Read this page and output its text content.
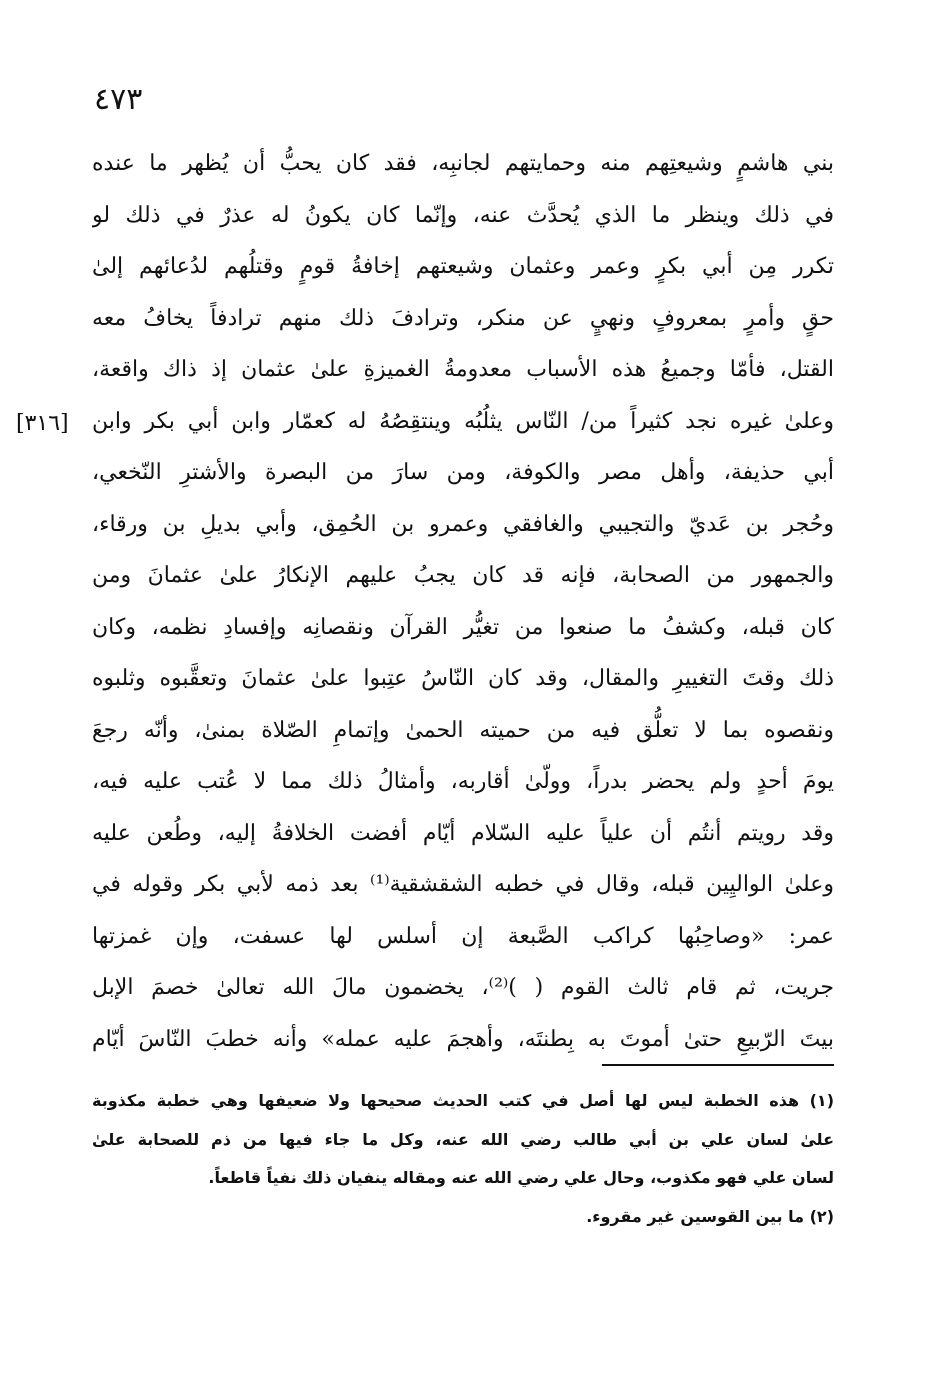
٤٧٣
[٣١٦]
بني هاشمٍ وشيعتِهم منه وحمايتهم لجانبِه، فقد كان يحبُّ أن يُظهر ما عنده
في ذلك وينظر ما الذي يُحدَّث عنه، وإنّما كان يكونُ له عذرٌ في ذلك لو
تكرر مِن أبي بكرٍ وعمر وعثمان وشيعتهم إخافةُ قومٍ وقتلُهم لدُعائهم إلىٰ
حقٍ وأمرٍ بمعروفٍ ونهيٍ عن منكر، وترادفَ ذلك منهم ترادفاً يخافُ معه
القتل، فأمّا وجميعُ هذه الأسباب معدومةُ الغميزةِ علىٰ عثمان إذ ذاك واقعة،
وعلىٰ غيره نجد كثيراً من/ النّاس يثلُبُه وينتقِصُهُ له كعمّار وابن أبي بكر وابن
أبي حذيفة، وأهل مصر والكوفة، ومن سارَ من البصرة والأشترِ النّخعي،
وحُجر بن عَديّ والتجيبي والغافقي وعمرو بن الحُمِق، وأبي بديلِ بن ورقاء،
والجمهور من الصحابة، فإنه قد كان يجبُ عليهم الإنكارُ علىٰ عثمانَ ومن
كان قبله، وكشفُ ما صنعوا من تغيُّر القرآن ونقصانِه وإفسادِ نظمه، وكان
ذلك وقتَ التغييرِ والمقال، وقد كان النّاسُ عتِبوا علىٰ عثمانَ وتعقَّبوه وثلبوه
ونقصوه بما لا تعلُّق فيه من حميته الحمىٰ وإتمامِ الصّلاة بمنىٰ، وأنّه رجعَ
يومَ أحدٍ ولم يحضر بدراً، وولّىٰ أقاربه، وأمثالُ ذلك مما لا عُتب عليه فيه،
وقد رويتم أنتُم أن علياً عليه السّلام أيّام أفضت الخلافةُ إليه، وطُعن عليه
وعلىٰ الواليِين قبله، وقال في خطبه الشقشقية⁽¹⁾ بعد ذمه لأبي بكر وقوله في
عمر: «وصاحِبُها كراكب الصَّبعة إن أسلس لها عسفت، وإن غمزتها
جريت، ثم قام ثالث القوم ( )⁽²⁾، يخضمون مالَ الله تعالىٰ خصمَ الإبل
بيتَ الرّبيعِ حتىٰ أموتَ به بِطنتَه، وأهجمَ عليه عمله» وأنه خطبَ النّاسَ أيّام
(١) هذه الخطبة ليس لها أصل في كتب الحديث صحيحها ولا ضعيفها وهي خطبة مكذوبة
علىٰ لسان علي بن أبي طالب رضي الله عنه، وكل ما جاء فيها من ذم للصحابة علىٰ
لسان علي فهو مكذوب، وحال علي رضي الله عنه ومقاله ينفيان ذلك نفياً قاطعاً.
(٢) ما بين القوسين غير مقروء.
